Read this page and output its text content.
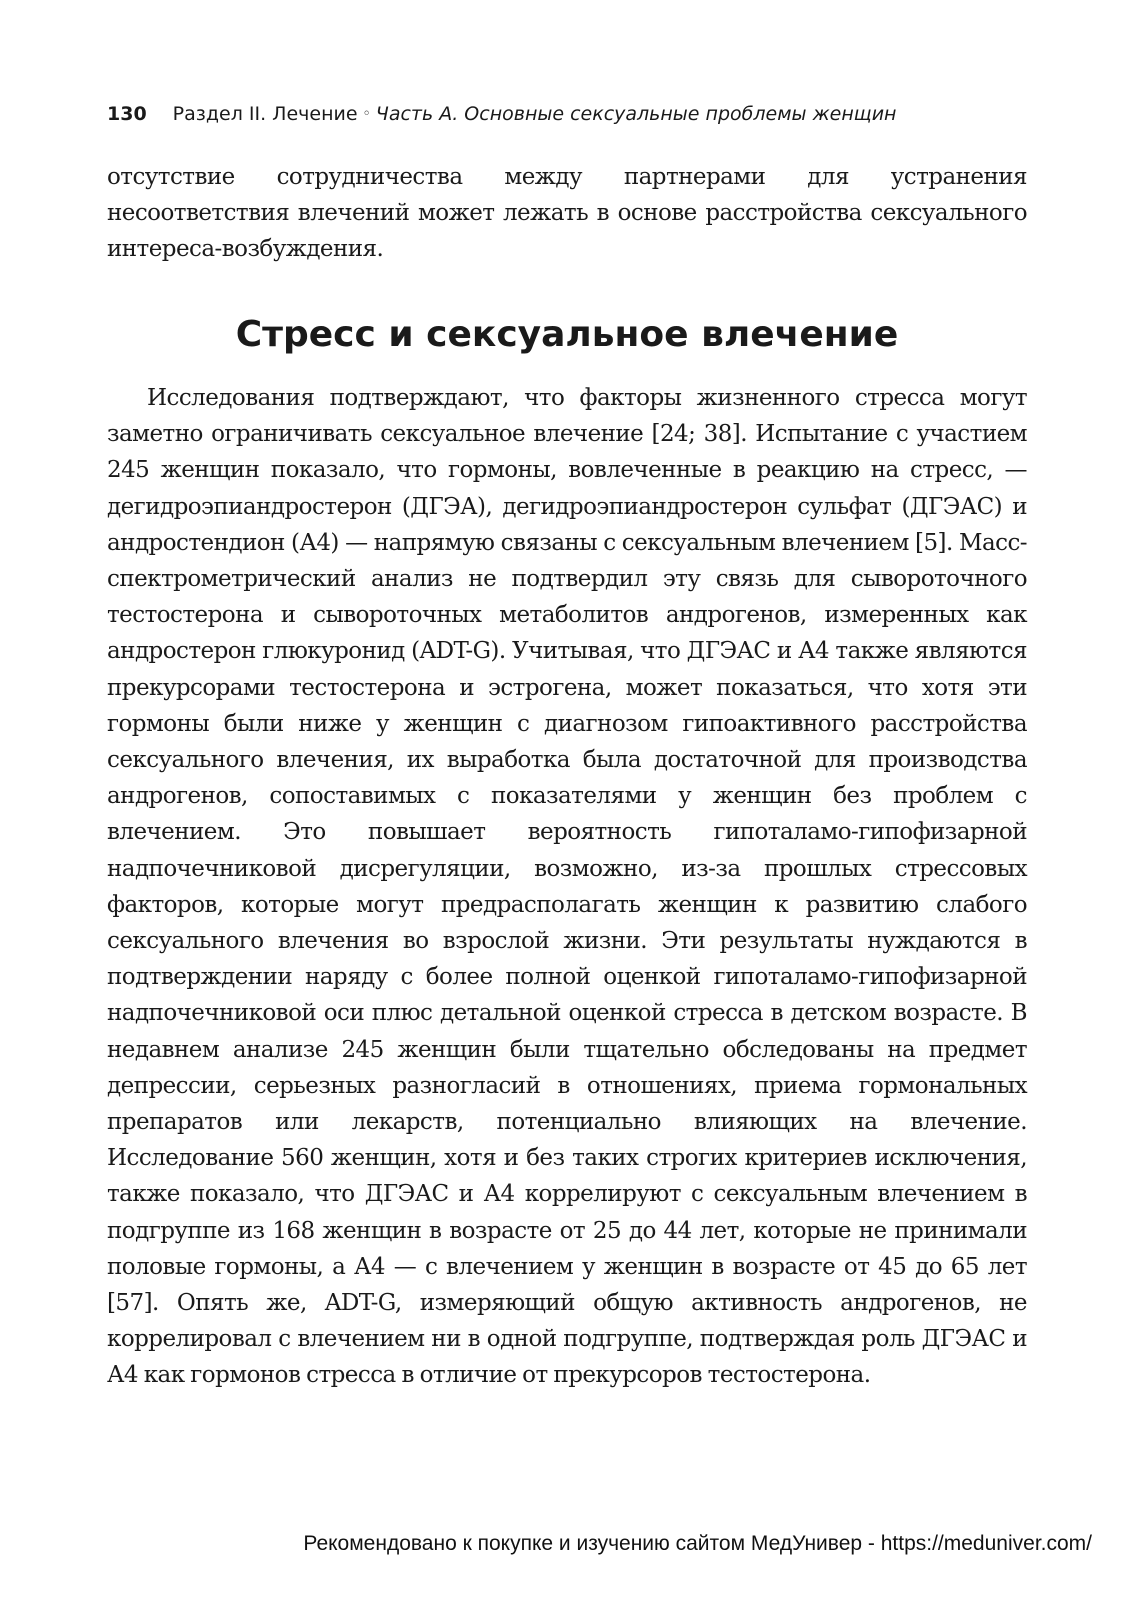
130 Раздел II. Лечение ◦ Часть А. Основные сексуальные проблемы женщин
отсутствие сотрудничества между партнерами для устранения несоответствия влечений может лежать в основе расстройства сексуального интереса-возбуждения.
Стресс и сексуальное влечение

Исследования подтверждают, что факторы жизненного стресса могут заметно ограничивать сексуальное влечение [24; 38]. Испытание с участием 245 женщин показало, что гормоны, вовлеченные в реакцию на стресс, — дегидроэпиандростерон (ДГЭА), дегидроэпиандростерон сульфат (ДГЭАС) и андростендион (А4) — напрямую связаны с сексуальным влечением [5]. Масс-спектрометрический анализ не подтвердил эту связь для сывороточного тестостерона и сывороточных метаболитов андрогенов, измеренных как андростерон глюкуронид (ADT-G). Учитывая, что ДГЭАС и А4 также являются прекурсорами тестостерона и эстрогена, может показаться, что хотя эти гормоны были ниже у женщин с диагнозом гипоактивного расстройства сексуального влечения, их выработка была достаточной для производства андрогенов, сопоставимых с показателями у женщин без проблем с влечением. Это повышает вероятность гипоталамо-гипофизарной надпочечниковой дисрегуляции, возможно, из-за прошлых стрессовых факторов, которые могут предрасполагать женщин к развитию слабого сексуального влечения во взрослой жизни. Эти результаты нуждаются в подтверждении наряду с более полной оценкой гипоталамо-гипофизарной надпочечниковой оси плюс детальной оценкой стресса в детском возрасте. В недавнем анализе 245 женщин были тщательно обследованы на предмет депрессии, серьезных разногласий в отношениях, приема гормональных препаратов или лекарств, потенциально влияющих на влечение. Исследование 560 женщин, хотя и без таких строгих критериев исключения, также показало, что ДГЭАС и А4 коррелируют с сексуальным влечением в подгруппе из 168 женщин в возрасте от 25 до 44 лет, которые не принимали половые гормоны, а А4 — с влечением у женщин в возрасте от 45 до 65 лет [57]. Опять же, ADT-G, измеряющий общую активность андрогенов, не коррелировал с влечением ни в одной подгруппе, подтверждая роль ДГЭАС и А4 как гормонов стресса в отличие от прекурсоров тестостерона.

Рекомендовано к покупке и изучению сайтом МедУнивер - https://meduniver.com/
